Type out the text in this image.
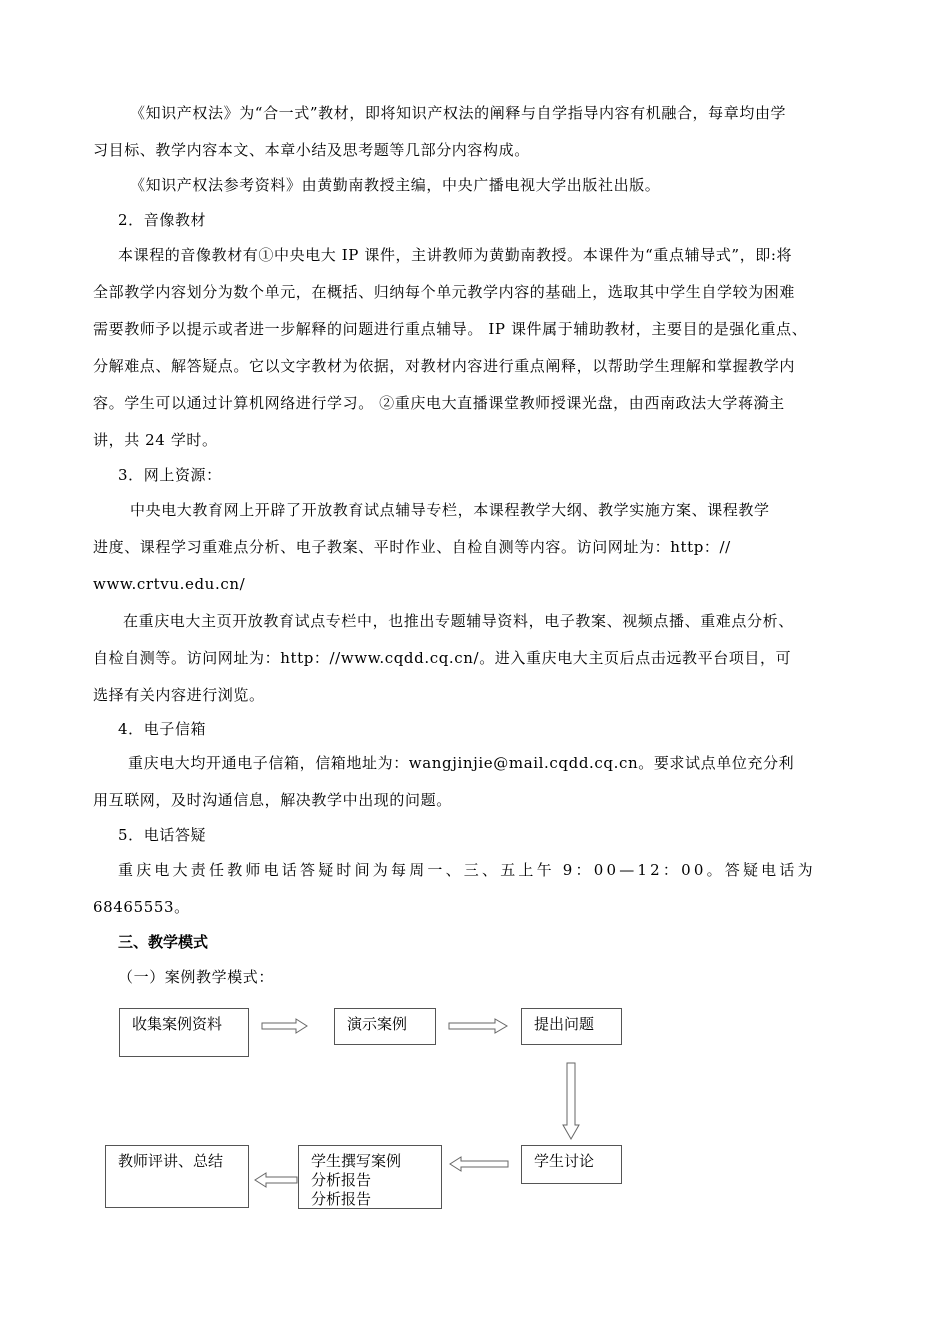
《知识产权法》为“合一式”教材，即将知识产权法的阐释与自学指导内容有机融合，每章均由学
习目标、教学内容本文、本章小结及思考题等几部分内容构成。
《知识产权法参考资料》由黄勤南教授主编，中央广播电视大学出版社出版。
2．音像教材
本课程的音像教材有①中央电大 IP 课件，主讲教师为黄勤南教授。本课件为“重点辅导式”，即:将
全部教学内容划分为数个单元，在概括、归纳每个单元教学内容的基础上，选取其中学生自学较为困难
需要教师予以提示或者进一步解释的问题进行重点辅导。 IP 课件属于辅助教材，主要目的是强化重点、
分解难点、解答疑点。它以文字教材为依据，对教材内容进行重点阐释，以帮助学生理解和掌握教学内
容。学生可以通过计算机网络进行学习。 ②重庆电大直播课堂教师授课光盘，由西南政法大学蒋漪主
讲，共 24 学时。
3．网上资源：
中央电大教育网上开辟了开放教育试点辅导专栏，本课程教学大纲、教学实施方案、课程教学
进度、课程学习重难点分析、电子教案、平时作业、自检自测等内容。访问网址为：http：//
www.crtvu.edu.cn/
在重庆电大主页开放教育试点专栏中，也推出专题辅导资料，电子教案、视频点播、重难点分析、
自检自测等。访问网址为：http：//www.cqdd.cq.cn/。进入重庆电大主页后点击远教平台项目，可
选择有关内容进行浏览。
4．电子信箱
重庆电大均开通电子信箱，信箱地址为：wangjinjie@mail.cqdd.cq.cn。要求试点单位充分利
用互联网，及时沟通信息，解决教学中出现的问题。
5．电话答疑
重庆电大责任教师电话答疑时间为每周一、三、五上午 9：00—12：00。答疑电话为
68465553。
三、教学模式
（一）案例教学模式：
收集案例资料	演示案例	提出问题
学生讨论
学生撰写案例
分析报告
分析报告
教师评讲、总结
